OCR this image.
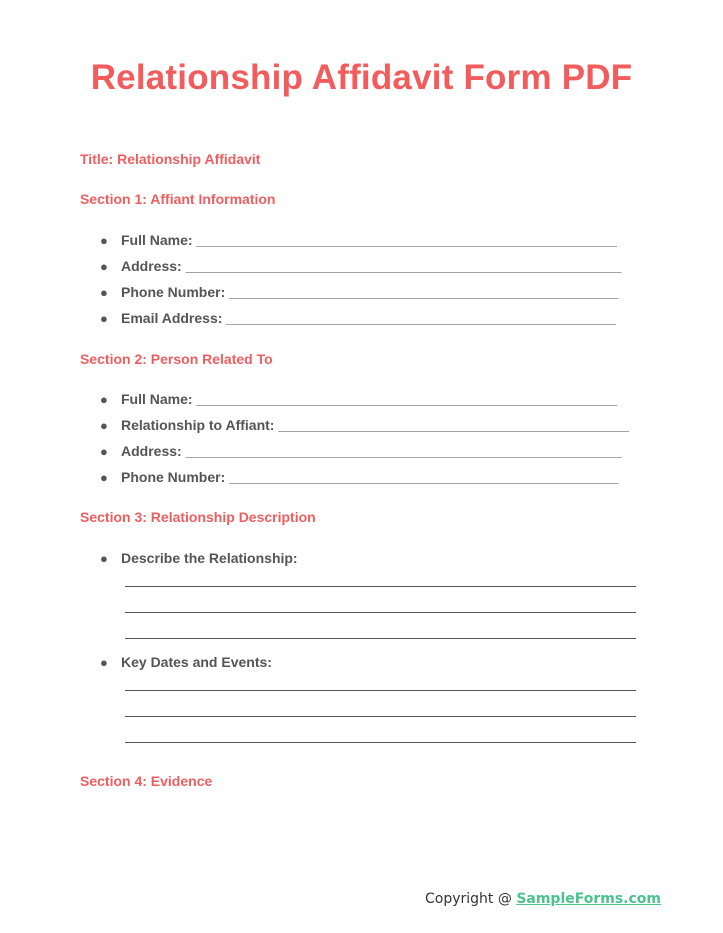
Relationship Affidavit Form PDF
Title: Relationship Affidavit
Section 1: Affiant Information
● Full Name: ______________________________________________________
● Address: ________________________________________________________
● Phone Number: __________________________________________________
● Email Address: __________________________________________________
Section 2: Person Related To
● Full Name: ______________________________________________________
● Relationship to Affiant: _____________________________________________
● Address: ________________________________________________________
● Phone Number: __________________________________________________
Section 3: Relationship Description
● Describe the Relationship:
● Key Dates and Events:
Section 4: Evidence
Copyright @ SampleForms.com
